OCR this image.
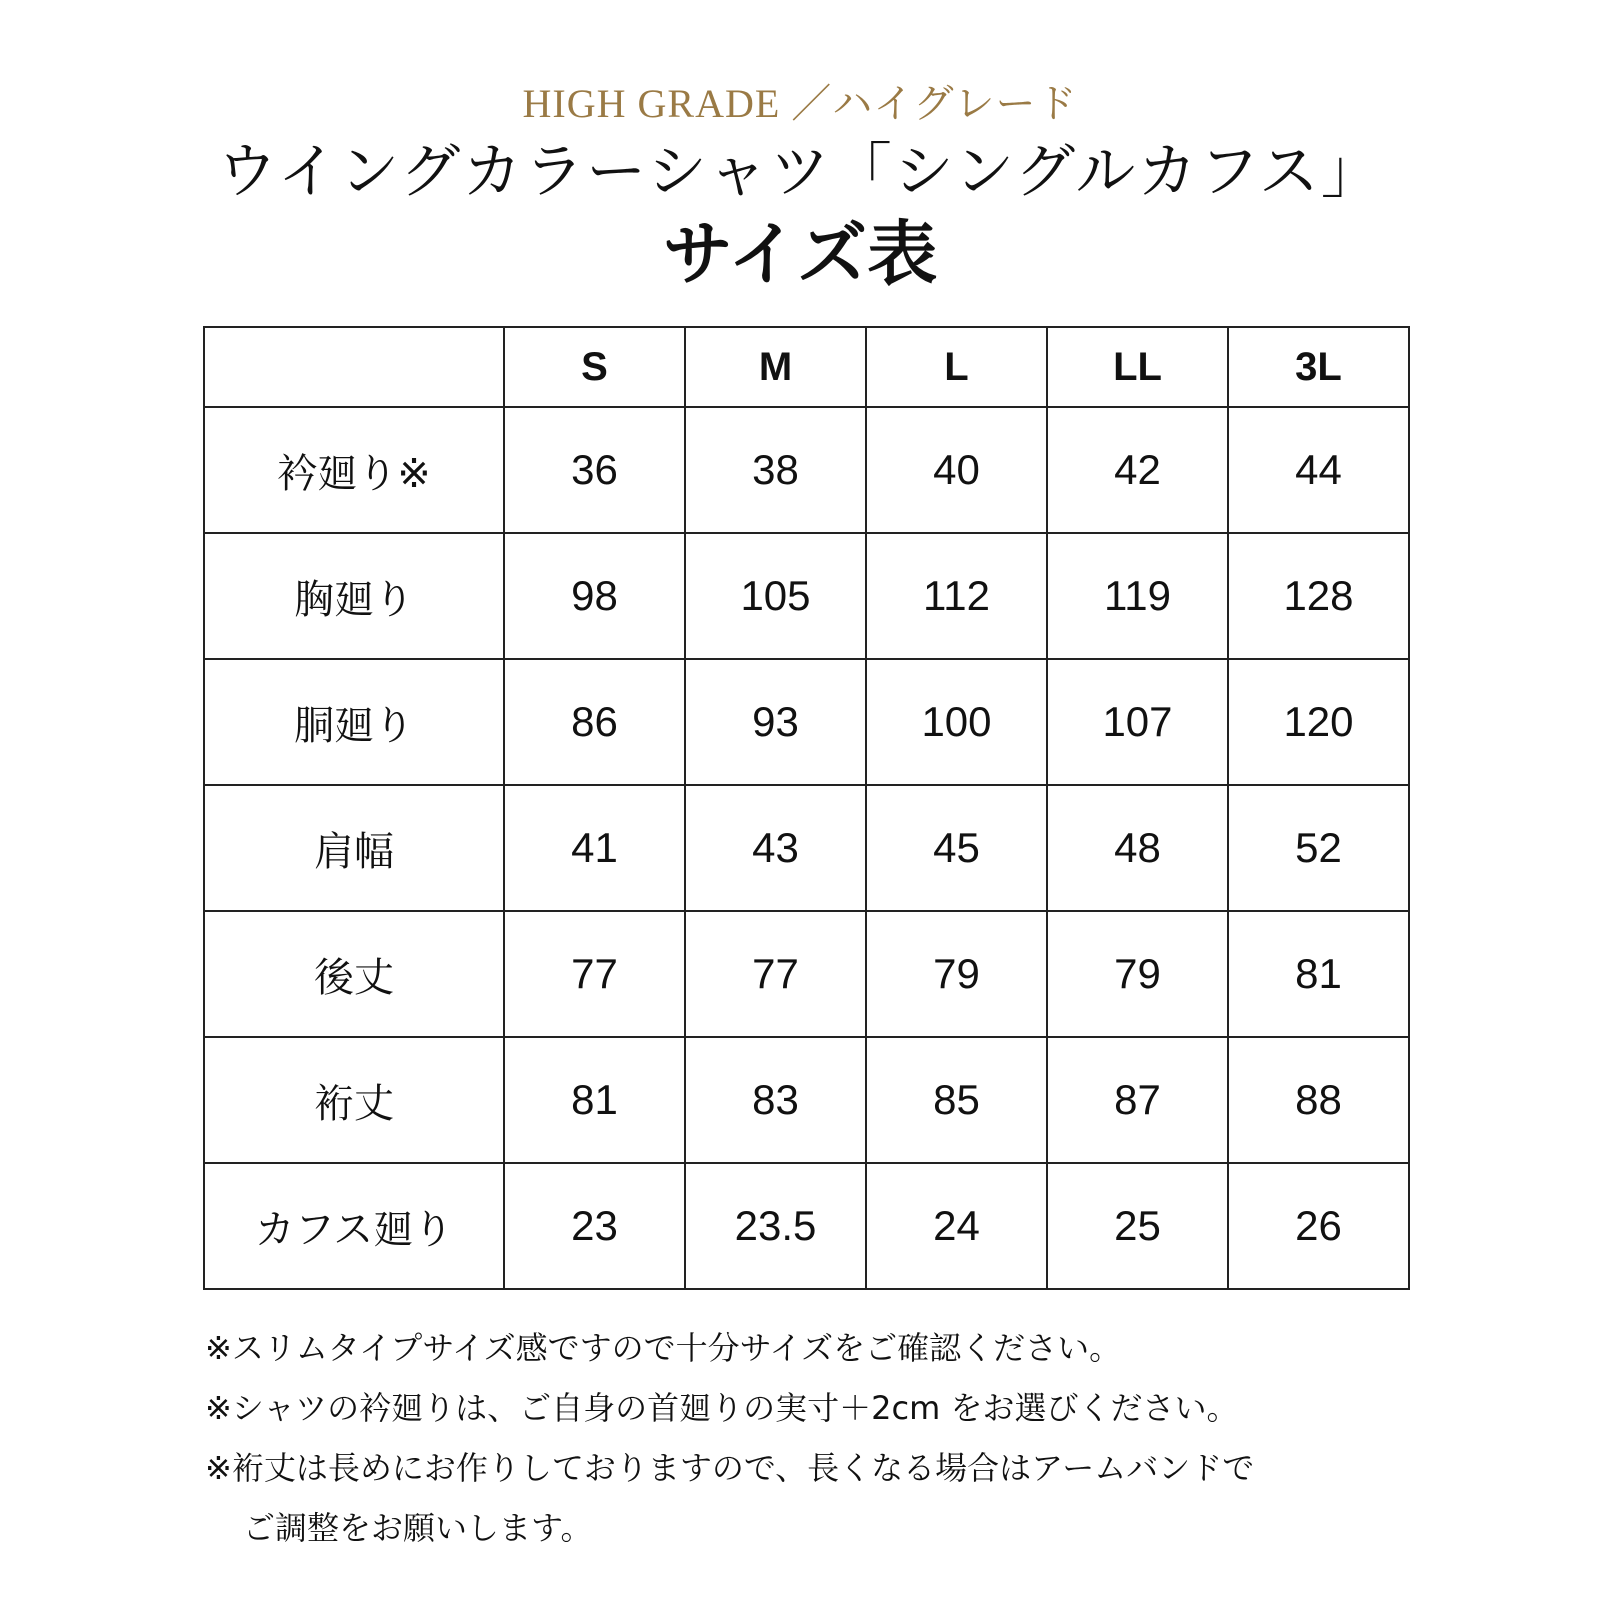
HIGH GRADE ／ハイグレード
ウイングカラーシャツ「シングルカフス」
サイズ表
	S	M	L	LL	3L
衿廻り※	36	38	40	42	44
胸廻り	98	105	112	119	128
胴廻り	86	93	100	107	120
肩幅	41	43	45	48	52
後丈	77	77	79	79	81
裄丈	81	83	85	87	88
カフス廻り	23	23.5	24	25	26
※スリムタイプサイズ感ですので十分サイズをご確認ください。
※シャツの衿廻りは、ご自身の首廻りの実寸＋2cm をお選びください。
※裄丈は長めにお作りしておりますので、長くなる場合はアームバンドで
ご調整をお願いします。
